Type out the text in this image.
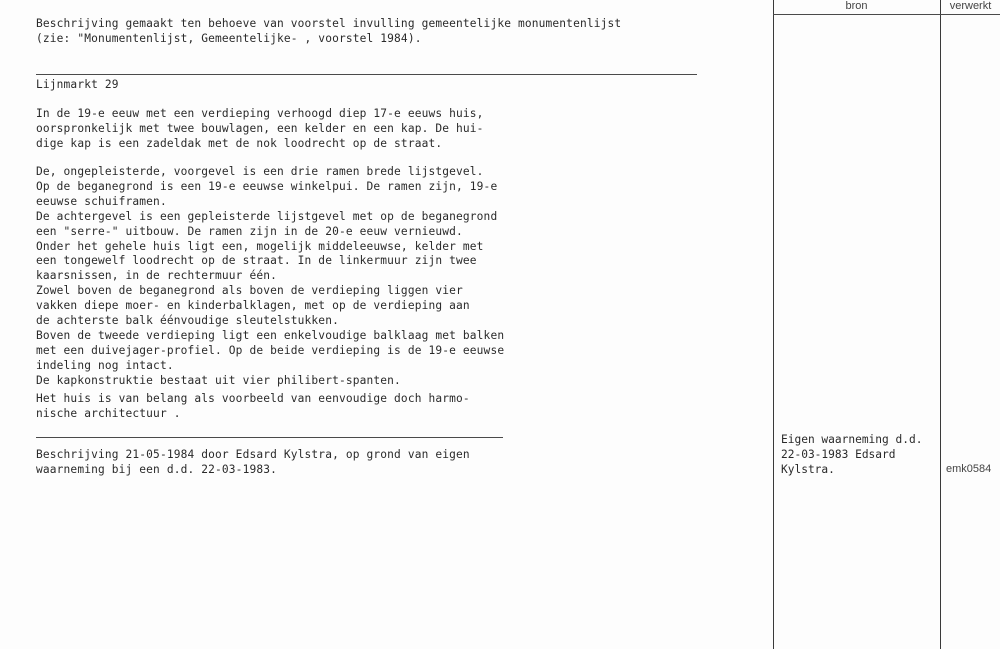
bron	verwerkt
Beschrijving gemaakt ten behoeve van voorstel invulling gemeentelijke monumentenlijst
(zie: "Monumentenlijst, Gemeentelijke- , voorstel 1984).
Lijnmarkt 29
In de 19-e eeuw met een verdieping verhoogd diep 17-e eeuws huis,
oorspronkelijk met twee bouwlagen, een kelder en een kap. De hui-
dige kap is een zadeldak met de nok loodrecht op de straat.
De, ongepleisterde, voorgevel is een drie ramen brede lijstgevel.
Op de beganegrond is een 19-e eeuwse winkelpui. De ramen zijn, 19-e
eeuwse schuiframen.
De achtergevel is een gepleisterde lijstgevel met op de beganegrond
een "serre-" uitbouw. De ramen zijn in de 20-e eeuw vernieuwd.
Onder het gehele huis ligt een, mogelijk middeleeuwse, kelder met
een tongewelf loodrecht op de straat. In de linkermuur zijn twee
kaarsnissen, in de rechtermuur één.
Zowel boven de beganegrond als boven de verdieping liggen vier
vakken diepe moer- en kinderbalklagen, met op de verdieping aan
de achterste balk éénvoudige sleutelstukken.
Boven de tweede verdieping ligt een enkelvoudige balklaag met balken
met een duivejager-profiel. Op de beide verdieping is de 19-e eeuwse
indeling nog intact.
De kapkonstruktie bestaat uit vier philibert-spanten.
Het huis is van belang als voorbeeld van eenvoudige doch harmo-
nische architectuur .
Beschrijving 21-05-1984 door Edsard Kylstra, op grond van eigen
waarneming bij een d.d. 22-03-1983.
Eigen waarneming d.d.
22-03-1983 Edsard
Kylstra.	emk0584
